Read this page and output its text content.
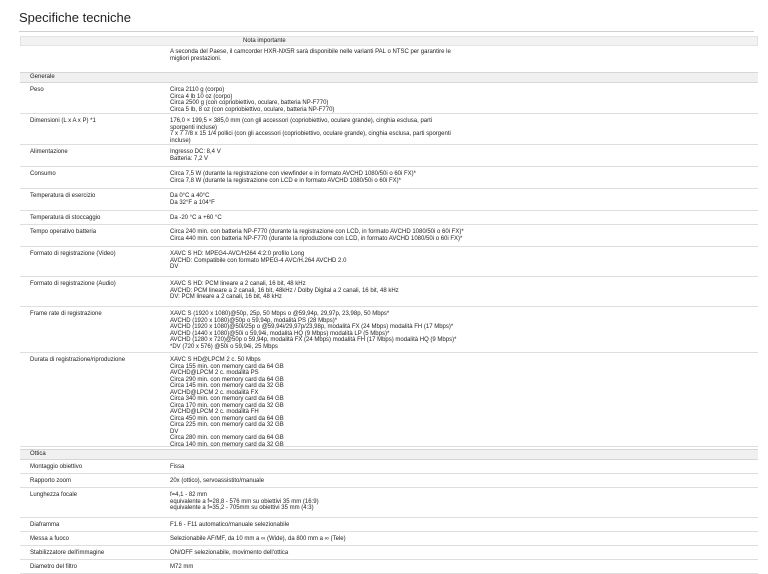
Specifiche tecniche
Nota importante
A seconda del Paese, il camcorder HXR-NX5R sarà disponibile nelle varianti PAL o NTSC per garantire le
migliori prestazioni.
Generale
Peso	Circa 2110 g (corpo)
Circa 4 lb 10 oz (corpo)
Circa 2500 g (con copriobiettivo, oculare, batteria NP-F770)
Circa 5 lb, 8 oz (con copriobiettivo, oculare, batteria NP-F770)
Dimensioni (L x A x P) *1	176,0 × 199,5 × 385,0 mm (con gli accessori (copriobiettivo, oculare grande), cinghia esclusa, parti
sporgenti incluse)
7 x 7 7/8 x 15 1/4 pollici (con gli accessori (copriobiettivo, oculare grande), cinghia esclusa, parti sporgenti
incluse)
Alimentazione	Ingresso DC: 8,4 V
Batteria: 7,2 V
Consumo	Circa 7,5 W (durante la registrazione con viewfinder e in formato AVCHD 1080/50i o 60i FX)*
Circa 7,8 W (durante la registrazione con LCD e in formato AVCHD 1080/50i o 60i FX)*
Temperatura di esercizio	Da 0°C a 40°C
Da 32°F a 104°F
Temperatura di stoccaggio	Da -20 °C a +60 °C
Tempo operativo batteria	Circa 240 min. con batteria NP-F770 (durante la registrazione con LCD, in formato AVCHD 1080/50i o 60i FX)*
Circa 440 min. con batteria NP-F770 (durante la riproduzione con LCD, in formato AVCHD 1080/50i o 60i FX)*
Formato di registrazione (Video)	XAVC S HD: MPEG4-AVC/H264 4:2:0 profilo Long
AVCHD: Compatibile con formato MPEG-4 AVC/H.264 AVCHD 2.0
DV
Formato di registrazione (Audio)	XAVC S HD: PCM lineare a 2 canali, 16 bit, 48 kHz
AVCHD: PCM lineare a 2 canali, 16 bit, 48kHz / Dolby Digital a 2 canali, 16 bit, 48 kHz
DV: PCM lineare a 2 canali, 16 bit, 48 kHz
Frame rate di registrazione	XAVC S (1920 x 1080)@50p, 25p, 50 Mbps o @59,94p, 29,97p, 23,98p, 50 Mbps*
AVCHD (1920 x 1080)@50p o 59,94p, modalità PS (28 Mbps)*
AVCHD (1920 x 1080)@50i/25p o @59,94i/29,97p/23,98p, modalità FX (24 Mbps) modalità FH (17 Mbps)*
AVCHD (1440 x 1080)@50i o 59,94i, modalità HQ (9 Mbps) modalità LP (5 Mbps)*
AVCHD (1280 x 720)@50p o 59,94p, modalità FX (24 Mbps) modalità FH (17 Mbps) modalità HQ (9 Mbps)*
*DV (720 x 576) @50i o 59,94i, 25 Mbps
Durata di registrazione/riproduzione	XAVC S HD@LPCM 2 c. 50 Mbps
Circa 155 min. con memory card da 64 GB
AVCHD@LPCM 2 c. modalità PS
Circa 290 min. con memory card da 64 GB
Circa 145 min. con memory card da 32 GB
AVCHD@LPCM 2 c. modalità FX
Circa 340 min. con memory card da 64 GB
Circa 170 min. con memory card da 32 GB
AVCHD@LPCM 2 c. modalità FH
Circa 450 min. con memory card da 64 GB
Circa 225 min. con memory card da 32 GB
DV
Circa 280 min. con memory card da 64 GB
Circa 140 min. con memory card da 32 GB
Ottica
Montaggio obiettivo	Fissa
Rapporto zoom	20x (ottico), servoassistito/manuale
Lunghezza focale	f=4,1 - 82 mm
equivalente a f=28,8 - 576 mm su obiettivi 35 mm (16:9)
equivalente a f=35,2 - 705mm su obiettivi 35 mm (4:3)
Diaframma	F1.6 - F11 automatico/manuale selezionabile
Messa a fuoco	Selezionabile AF/MF, da 10 mm a ∞ (Wide), da 800 mm a ∞ (Tele)
Stabilizzatore dell'immagine	ON/OFF selezionabile, movimento dell'ottica
Diametro del filtro	M72 mm
